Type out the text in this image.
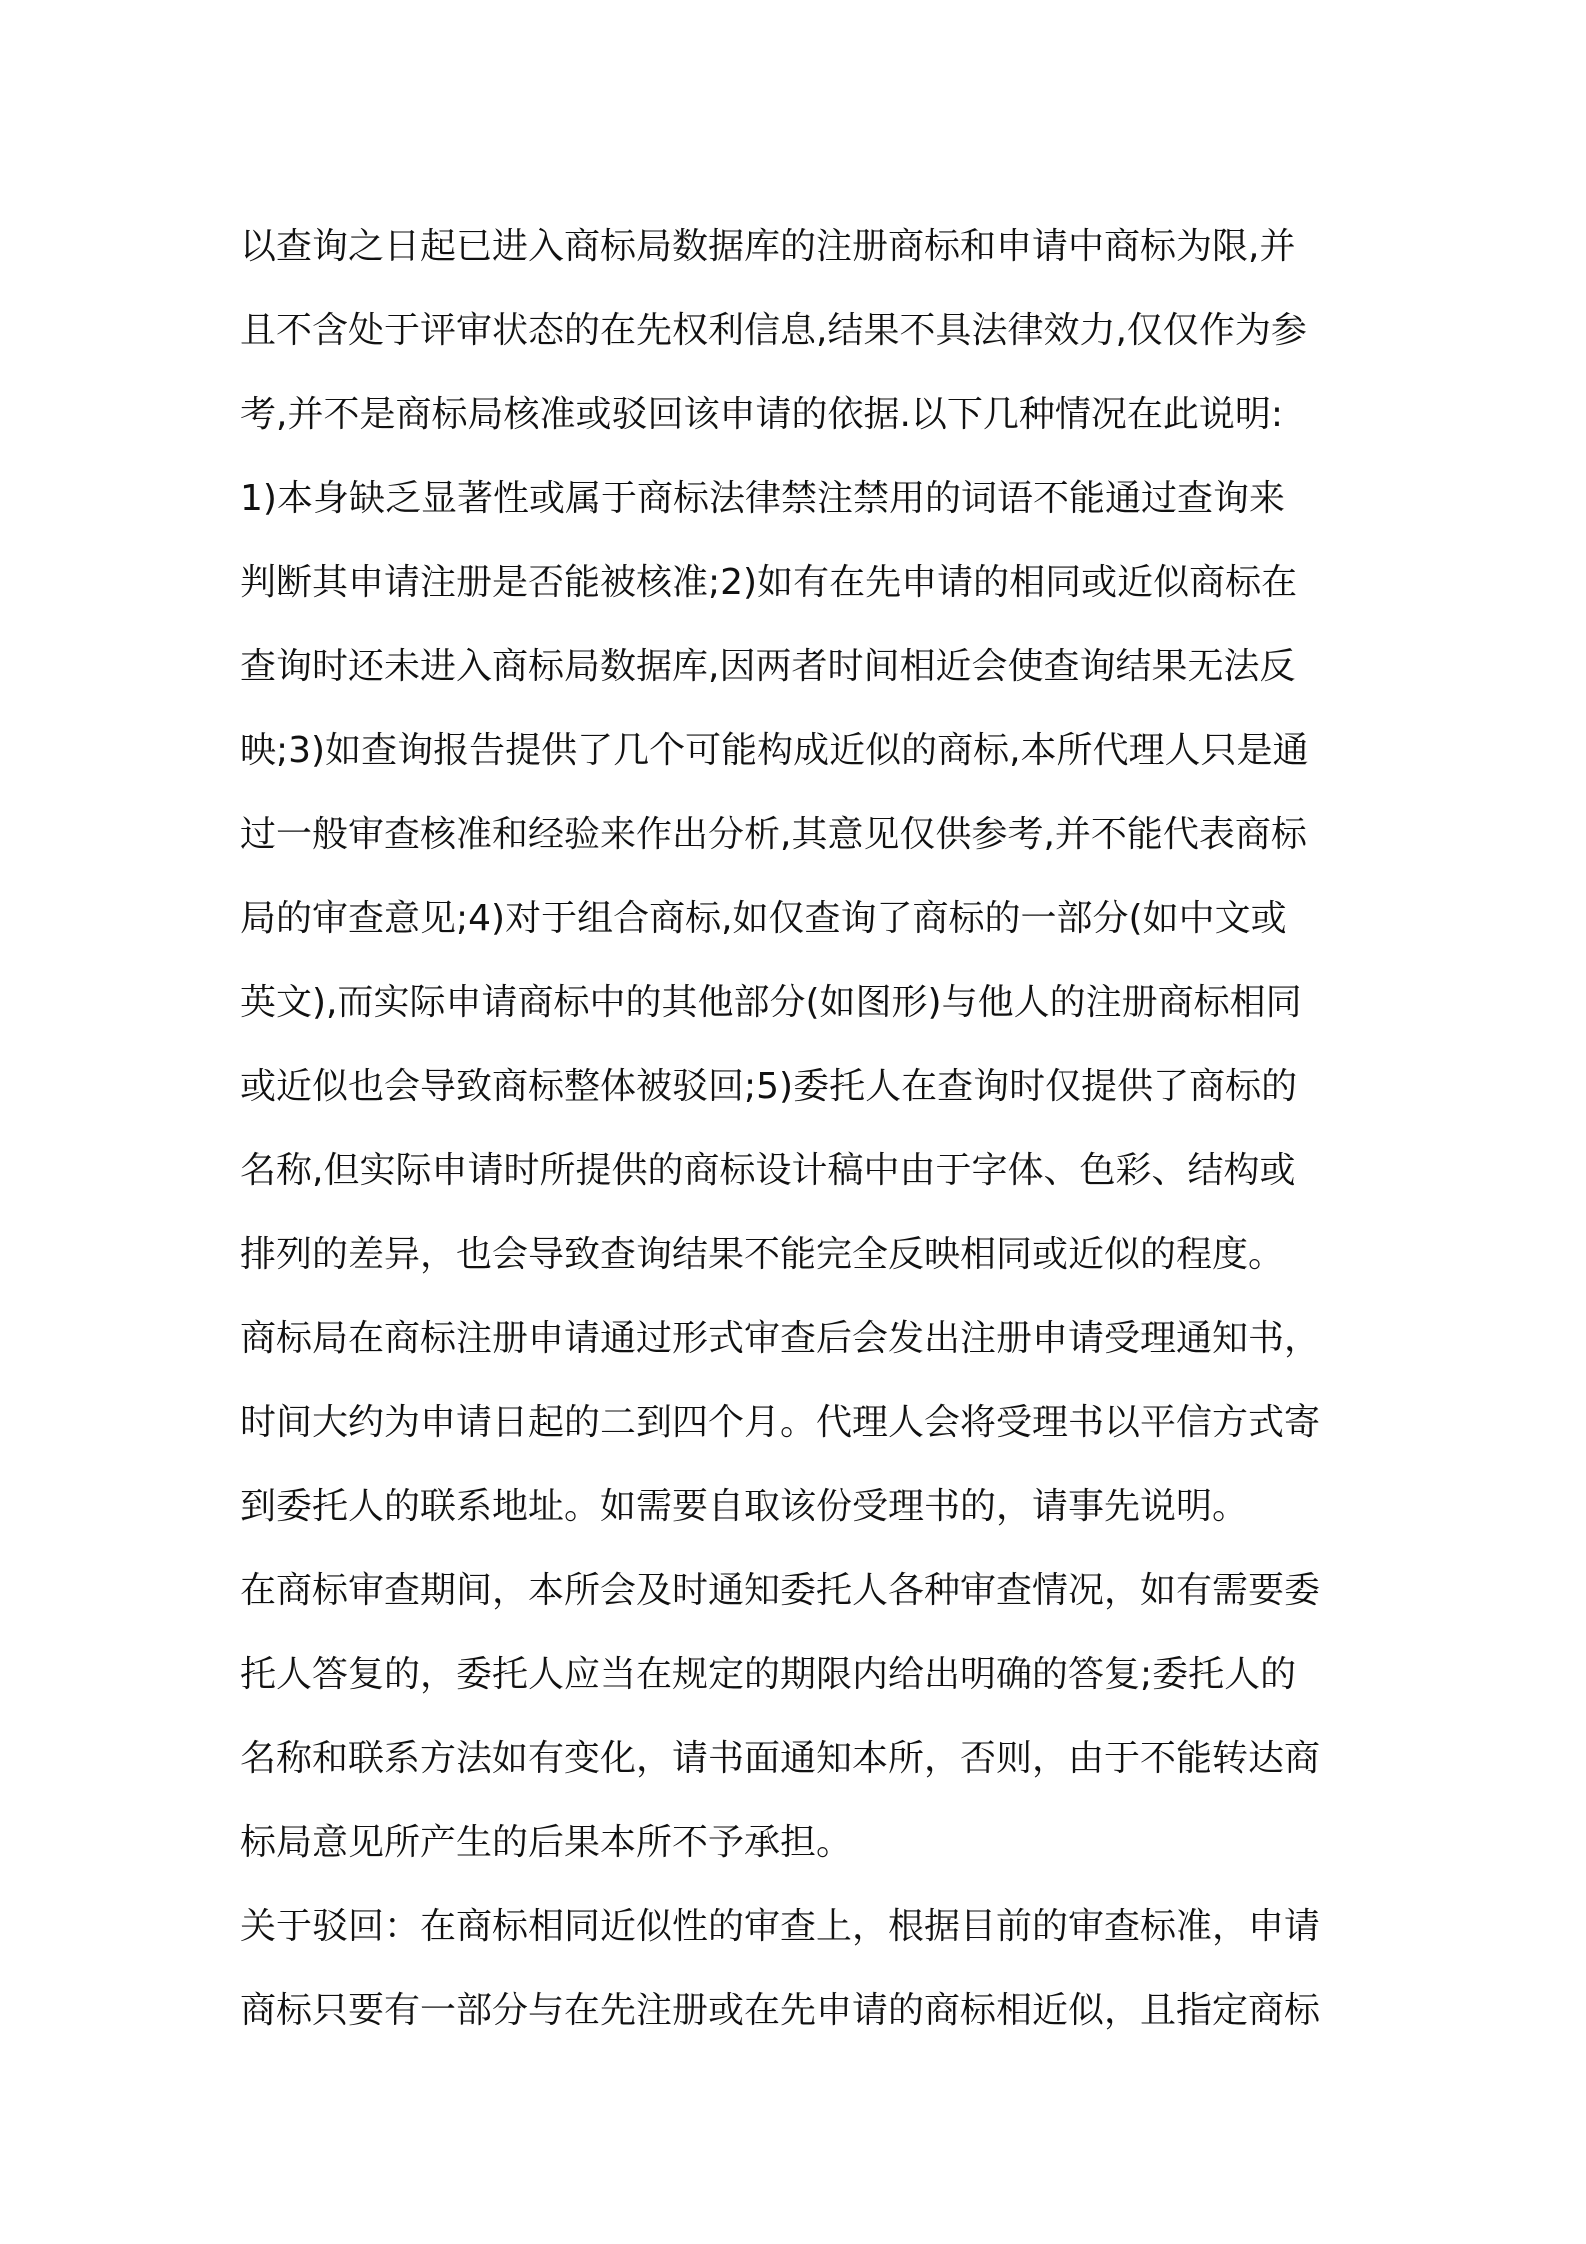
以查询之日起已进入商标局数据库的注册商标和申请中商标为限,并
且不含处于评审状态的在先权利信息,结果不具法律效力,仅仅作为参
考,并不是商标局核准或驳回该申请的依据.以下几种情况在此说明:
1)本身缺乏显著性或属于商标法律禁注禁用的词语不能通过查询来
判断其申请注册是否能被核准;2)如有在先申请的相同或近似商标在
查询时还未进入商标局数据库,因两者时间相近会使查询结果无法反
映;3)如查询报告提供了几个可能构成近似的商标,本所代理人只是通
过一般审查核准和经验来作出分析,其意见仅供参考,并不能代表商标
局的审查意见;4)对于组合商标,如仅查询了商标的一部分(如中文或
英文),而实际申请商标中的其他部分(如图形)与他人的注册商标相同
或近似也会导致商标整体被驳回;5)委托人在查询时仅提供了商标的
名称,但实际申请时所提供的商标设计稿中由于字体、色彩、结构或
排列的差异，也会导致查询结果不能完全反映相同或近似的程度。
商标局在商标注册申请通过形式审查后会发出注册申请受理通知书，
时间大约为申请日起的二到四个月。代理人会将受理书以平信方式寄
到委托人的联系地址。如需要自取该份受理书的，请事先说明。
在商标审查期间，本所会及时通知委托人各种审查情况，如有需要委
托人答复的，委托人应当在规定的期限内给出明确的答复;委托人的
名称和联系方法如有变化，请书面通知本所，否则，由于不能转达商
标局意见所产生的后果本所不予承担。
关于驳回：在商标相同近似性的审查上，根据目前的审查标准，申请
商标只要有一部分与在先注册或在先申请的商标相近似，且指定商标
